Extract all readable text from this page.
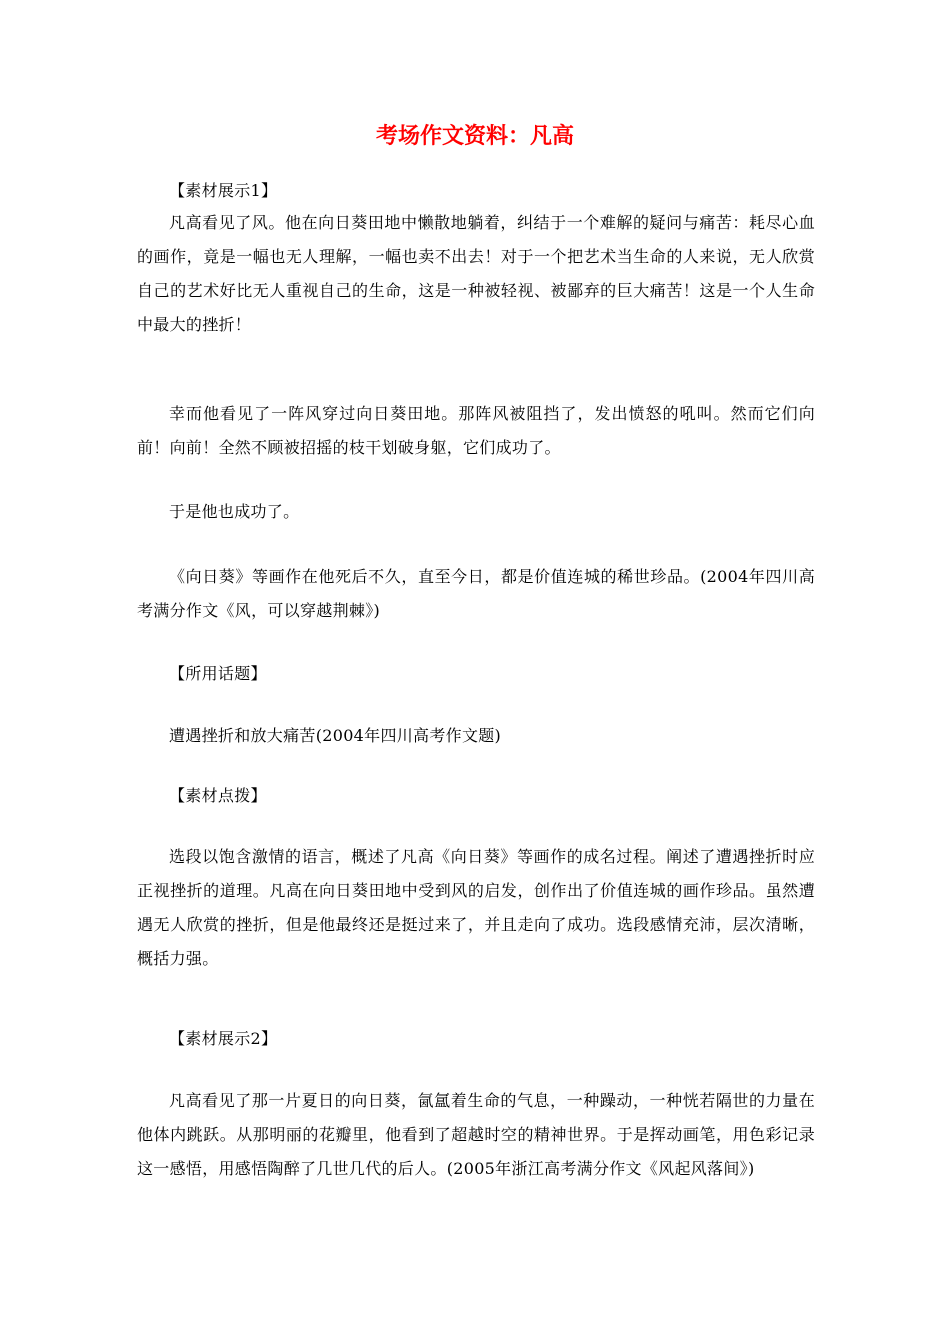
考场作文资料：凡高
【素材展示1】
凡高看见了风。他在向日葵田地中懒散地躺着，纠结于一个难解的疑问与痛苦：耗尽心血的画作，竟是一幅也无人理解，一幅也卖不出去！对于一个把艺术当生命的人来说，无人欣赏自己的艺术好比无人重视自己的生命，这是一种被轻视、被鄙弃的巨大痛苦！这是一个人生命中最大的挫折！
幸而他看见了一阵风穿过向日葵田地。那阵风被阻挡了，发出愤怒的吼叫。然而它们向前！向前！全然不顾被招摇的枝干划破身躯，它们成功了。
于是他也成功了。
《向日葵》等画作在他死后不久，直至今日，都是价值连城的稀世珍品。(2004年四川高考满分作文《风，可以穿越荆棘》)
【所用话题】
遭遇挫折和放大痛苦(2004年四川高考作文题)
【素材点拨】
选段以饱含激情的语言，概述了凡高《向日葵》等画作的成名过程。阐述了遭遇挫折时应正视挫折的道理。凡高在向日葵田地中受到风的启发，创作出了价值连城的画作珍品。虽然遭遇无人欣赏的挫折，但是他最终还是挺过来了，并且走向了成功。选段感情充沛，层次清晰，概括力强。
【素材展示2】
凡高看见了那一片夏日的向日葵，氤氲着生命的气息，一种躁动，一种恍若隔世的力量在他体内跳跃。从那明丽的花瓣里，他看到了超越时空的精神世界。于是挥动画笔，用色彩记录这一感悟，用感悟陶醉了几世几代的后人。(2005年浙江高考满分作文《风起风落间》)
